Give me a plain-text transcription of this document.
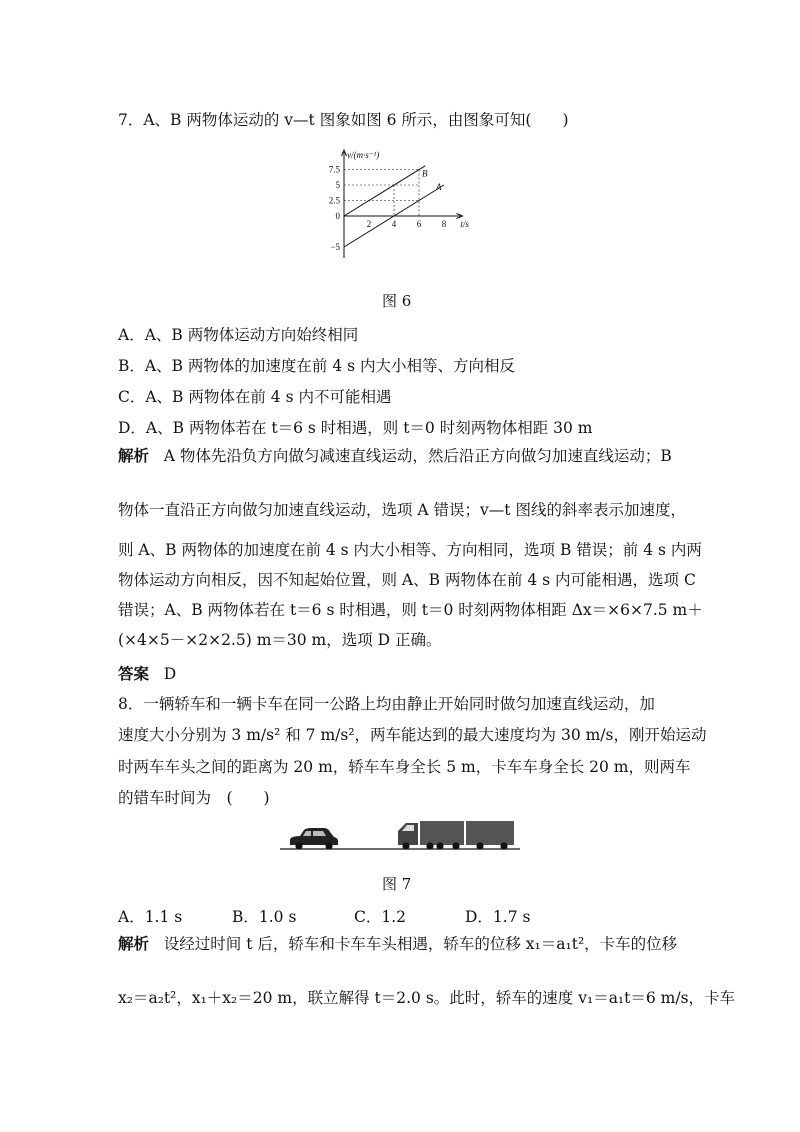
7．A、B 两物体运动的 v—t 图象如图 6 所示，由图象可知(　　)
7.5
5
2.5
0
−5
2 4 6 8
v/(m·s⁻¹)
t/s
B
A
图 6
A．A、B 两物体运动方向始终相同
B．A、B 两物体的加速度在前 4 s 内大小相等、方向相反
C．A、B 两物体在前 4 s 内不可能相遇
D．A、B 两物体若在 t＝6 s 时相遇，则 t＝0 时刻两物体相距 30 m
解析 A 物体先沿负方向做匀减速直线运动，然后沿正方向做匀加速直线运动；B
物体一直沿正方向做匀加速直线运动，选项 A 错误；v—t 图线的斜率表示加速度，
则 A、B 两物体的加速度在前 4 s 内大小相等、方向相同，选项 B 错误；前 4 s 内两
物体运动方向相反，因不知起始位置，则 A、B 两物体在前 4 s 内可能相遇，选项 C
错误；A、B 两物体若在 t＝6 s 时相遇，则 t＝0 时刻两物体相距 Δx＝×6×7.5 m＋
(×4×5－×2×2.5) m＝30 m，选项 D 正确。
答案 D
8．一辆轿车和一辆卡车在同一公路上均由静止开始同时做匀加速直线运动，加
速度大小分别为 3 m/s² 和 7 m/s²，两车能达到的最大速度均为 30 m/s，刚开始运动
时两车车头之间的距离为 20 m，轿车车身全长 5 m，卡车车身全长 20 m，则两车
的错车时间为　(　　)
图 7
A．1.1 s	B．1.0 s	C．1.2	D．1.7 s
解析 设经过时间 t 后，轿车和卡车车头相遇，轿车的位移 x₁＝a₁t²，卡车的位移
x₂＝a₂t²，x₁＋x₂＝20 m，联立解得 t＝2.0 s。此时，轿车的速度 v₁＝a₁t＝6 m/s，卡车
